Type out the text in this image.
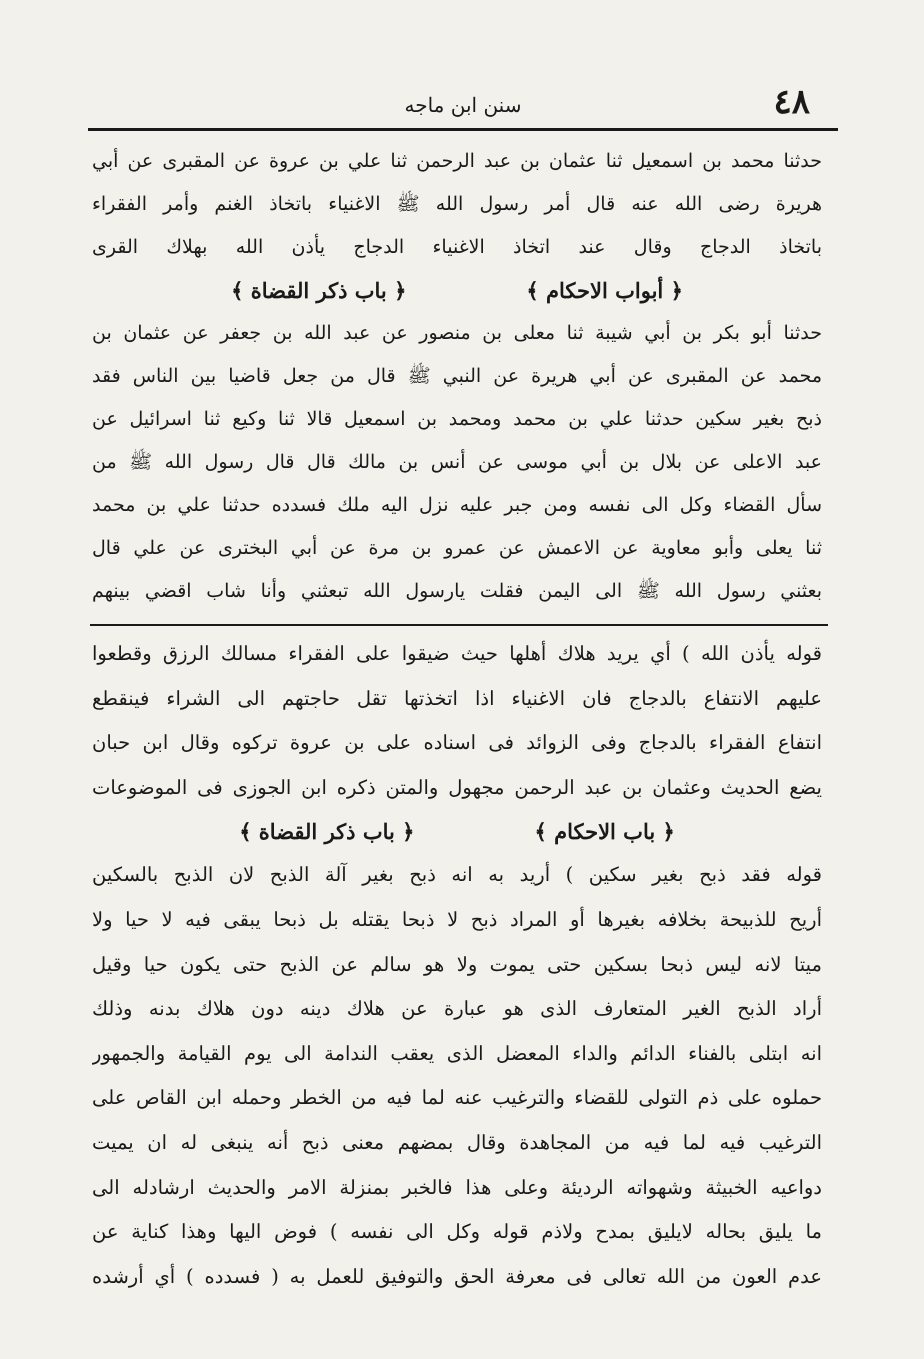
٤٨
سنن ابن ماجه
حدثنا محمد بن اسمعيل ثنا عثمان بن عبد الرحمن ثنا علي بن عروة عن المقبرى عن أبي
هريرة رضى الله عنه قال أمر رسول الله ﷺ الاغنياء باتخاذ الغنم وأمر الفقراء
باتخاذ الدجاج وقال عند اتخاذ الاغنياء الدجاج يأذن الله بهلاك القرى
﴿ أبواب الاحكام ﴾
﴿ باب ذكر القضاة ﴾
حدثنا أبو بكر بن أبي شيبة ثنا معلى بن منصور عن عبد الله بن جعفر عن عثمان بن
محمد عن المقبرى عن أبي هريرة عن النبي ﷺ قال من جعل قاضيا بين الناس فقد
ذبح بغير سكين حدثنا علي بن محمد ومحمد بن اسمعيل قالا ثنا وكيع ثنا اسرائيل عن
عبد الاعلى عن بلال بن أبي موسى عن أنس بن مالك قال قال رسول الله ﷺ من
سأل القضاء وكل الى نفسه ومن جبر عليه نزل اليه ملك فسدده حدثنا علي بن محمد
ثنا يعلى وأبو معاوية عن الاعمش عن عمرو بن مرة عن أبي البخترى عن علي قال
بعثني رسول الله ﷺ الى اليمن فقلت يارسول الله تبعثني وأنا شاب اقضي بينهم
قوله يأذن الله ) أي يريد هلاك أهلها حيث ضيقوا على الفقراء مسالك الرزق وقطعوا
عليهم الانتفاع بالدجاج فان الاغنياء اذا اتخذتها تقل حاجتهم الى الشراء فينقطع
انتفاع الفقراء بالدجاج وفى الزوائد فى اسناده على بن عروة تركوه وقال ابن حبان
يضع الحديث وعثمان بن عبد الرحمن مجهول والمتن ذكره ابن الجوزى فى الموضوعات
﴿ باب الاحكام ﴾
﴿ باب ذكر القضاة ﴾
قوله فقد ذبح بغير سكين ) أريد به انه ذبح بغير آلة الذبح لان الذبح بالسكين
أريح للذبيحة بخلافه بغيرها أو المراد ذبح لا ذبحا يقتله بل ذبحا يبقى فيه لا حيا ولا
ميتا لانه ليس ذبحا بسكين حتى يموت ولا هو سالم عن الذبح حتى يكون حيا وقيل
أراد الذبح الغير المتعارف الذى هو عبارة عن هلاك دينه دون هلاك بدنه وذلك
انه ابتلى بالفناء الدائم والداء المعضل الذى يعقب الندامة الى يوم القيامة والجمهور
حملوه على ذم التولى للقضاء والترغيب عنه لما فيه من الخطر وحمله ابن القاص على
الترغيب فيه لما فيه من المجاهدة وقال بمضهم معنى ذبح أنه ينبغى له ان يميت
دواعيه الخبيثة وشهواته الرديئة وعلى هذا فالخبر بمنزلة الامر والحديث ارشادله الى
ما يليق بحاله لايليق بمدح ولاذم قوله وكل الى نفسه ) فوض اليها وهذا كناية عن
عدم العون من الله تعالى فى معرفة الحق والتوفيق للعمل به ( فسدده ) أي أرشده
